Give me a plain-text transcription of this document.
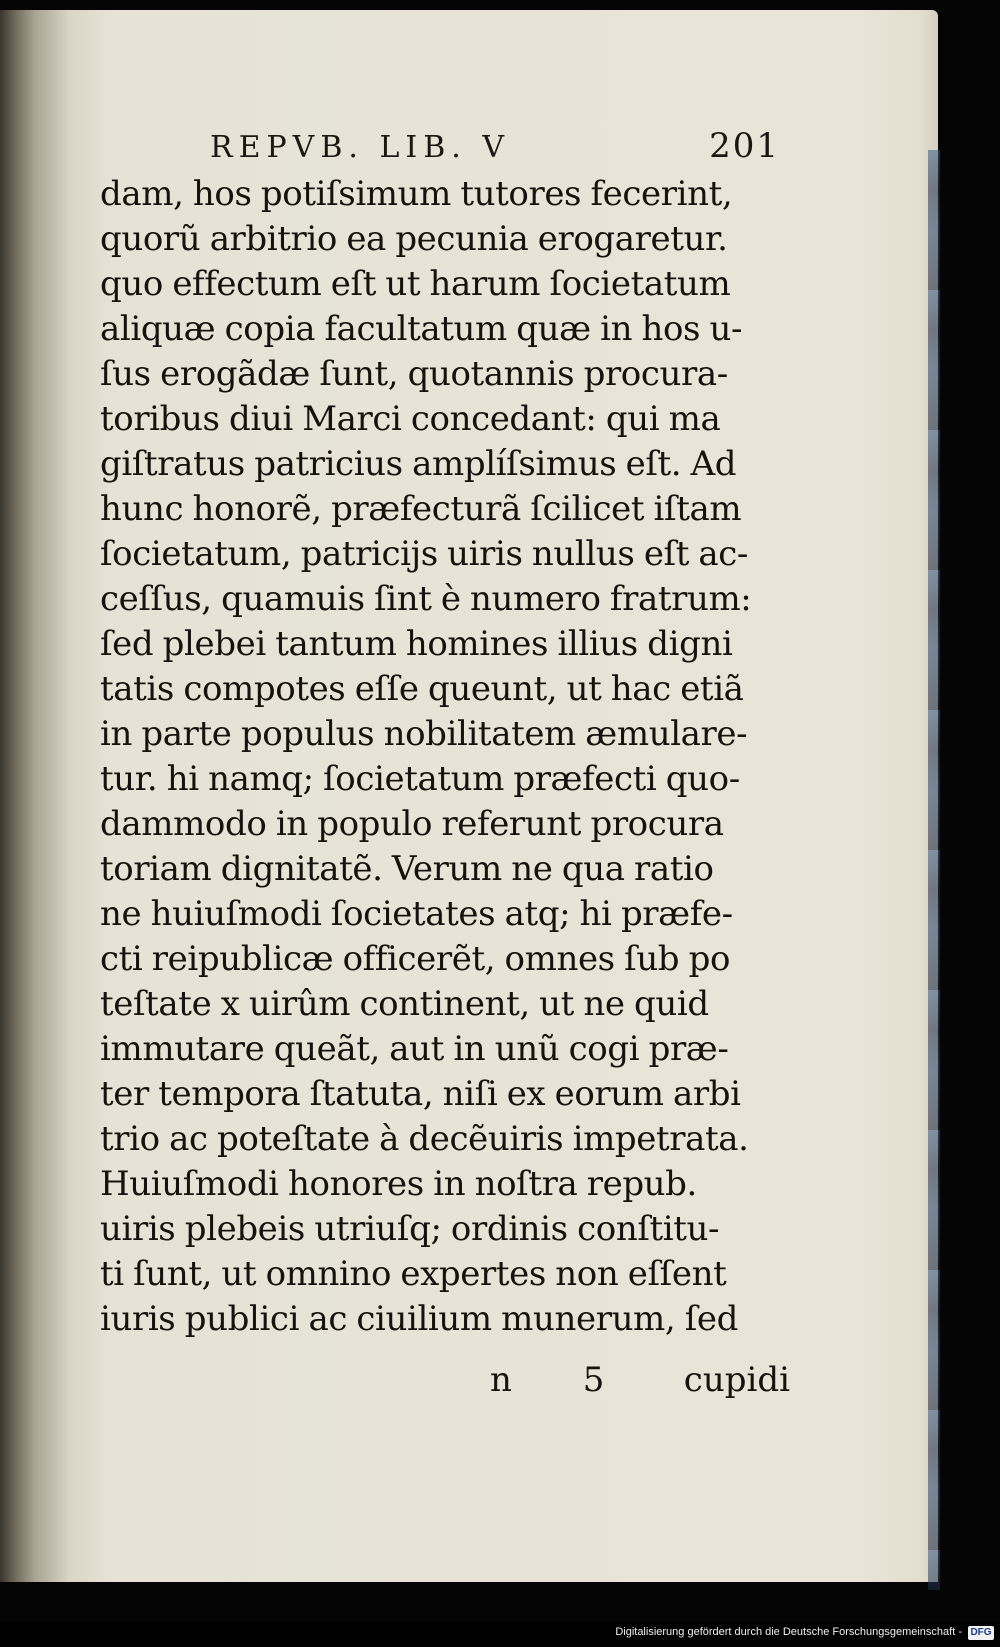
REPVB. LIB. V	201
dam, hos potiſsimum tutores fecerint,
quorũ arbitrio ea pecunia erogaretur.
quo effectum eſt ut harum ſocietatum
aliquæ copia facultatum quæ in hos u-
ſus erogãdæ ſunt, quotannis procura-
toribus diui Marci concedant: qui ma
giſtratus patricius amplíſsimus eſt. Ad
hunc honorẽ, præfecturã ſcilicet iſtam
ſocietatum, patricijs uiris nullus eſt ac-
ceſſus, quamuis ſint è numero fratrum:
ſed plebei tantum homines illius digni
tatis compotes eſſe queunt, ut hac etiã
in parte populus nobilitatem æmulare-
tur. hi namq; ſocietatum præfecti quo-
dammodo in populo referunt procura
toriam dignitatẽ. Verum ne qua ratio
ne huiuſmodi ſocietates atq; hi præfe-
cti reipublicæ officerẽt, omnes ſub po
teſtate x uirûm continent, ut ne quid
immutare queãt, aut in unũ cogi præ-
ter tempora ſtatuta, niſi ex eorum arbi
trio ac poteſtate à decẽuiris impetrata.
Huiuſmodi honores in noſtra repub.
uiris plebeis utriuſq; ordinis conſtitu-
ti ſunt, ut omnino expertes non eſſent
iuris publici ac ciuilium munerum, ſed
n 5 cupidi
Digitalisierung gefördert durch die Deutsche Forschungsgemeinschaft - DFG
